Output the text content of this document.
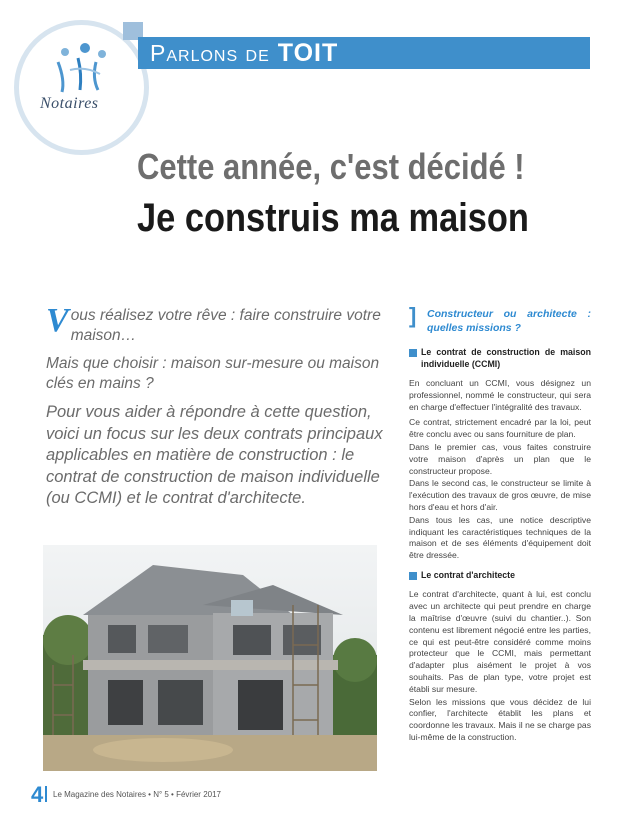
Notaires
Parlons de TOIT
Cette année, c'est décidé !
Je construis ma maison

Vous réalisez votre rêve : faire construire votre maison…

Mais que choisir : maison sur-mesure ou maison clés en mains ?

Pour vous aider à répondre à cette question, voici un focus sur les deux contrats principaux applicables en matière de construction : le contrat de construction de maison individuelle (ou CCMI) et le contrat d'architecte.

] Constructeur ou architecte : quelles missions ?
Le contrat de construction de maison individuelle (CCMI)

En concluant un CCMI, vous désignez un professionnel, nommé le constructeur, qui sera en charge d'effectuer l'intégralité des travaux.

Ce contrat, strictement encadré par la loi, peut être conclu avec ou sans fourniture de plan.

Dans le premier cas, vous faites construire votre maison d'après un plan que le constructeur propose.

Dans le second cas, le constructeur se limite à l'exécution des travaux de gros œuvre, de mise hors d'eau et hors d'air.

Dans tous les cas, une notice descriptive indiquant les caractéristiques techniques de la maison et de ses éléments d'équipement doit être dressée.

Le contrat d'architecte

Le contrat d'architecte, quant à lui, est conclu avec un architecte qui peut prendre en charge la maîtrise d'œuvre (suivi du chantier..). Son contenu est librement négocié entre les parties, ce qui est peut-être considéré comme moins protecteur que le CCMI, mais permettant d'adapter plus aisément le projet à vos souhaits. Pas de plan type, votre projet est établi sur mesure.

Selon les missions que vous décidez de lui confier, l'architecte établit les plans et coordonne les travaux. Mais il ne se charge pas lui-même de la construction.

4 Le Magazine des Notaires • N° 5 • Février 2017
